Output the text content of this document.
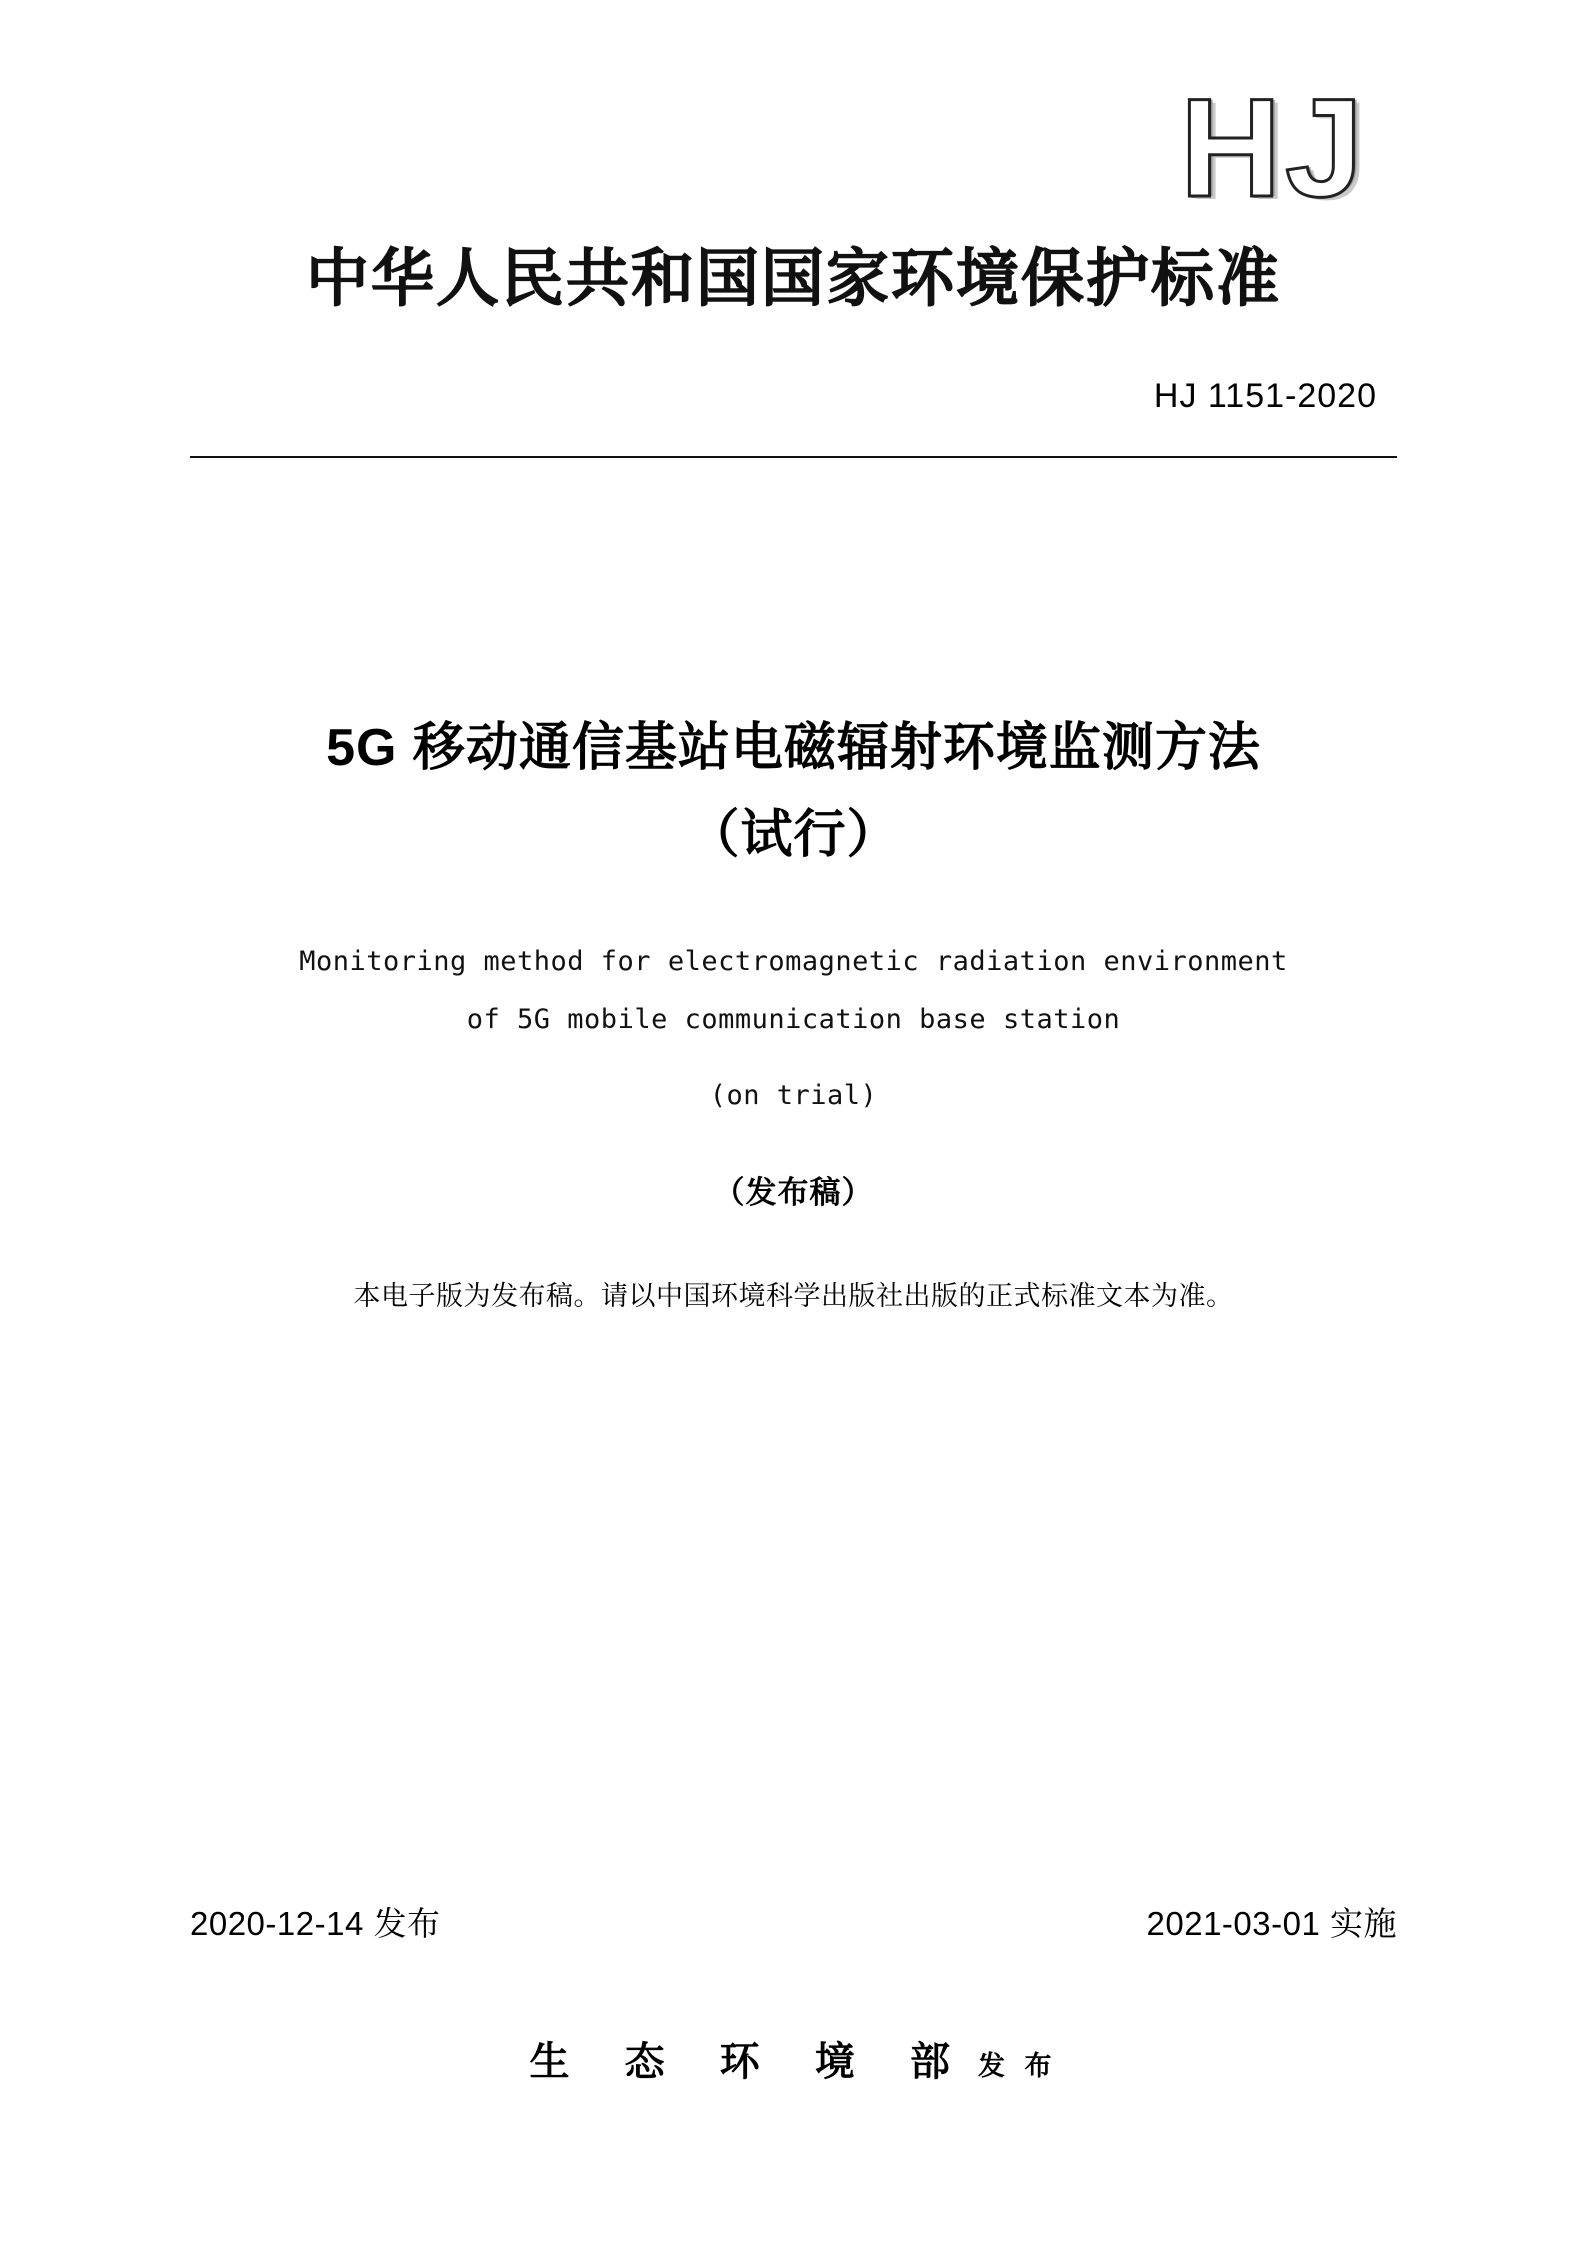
HJ
中华人民共和国国家环境保护标准
HJ 1151-2020
5G 移动通信基站电磁辐射环境监测方法
（试行）
Monitoring method for electromagnetic radiation environment
of 5G mobile communication base station
(on trial)
（发布稿）
本电子版为发布稿。请以中国环境科学出版社出版的正式标准文本为准。
2020-12-14 发布	2021-03-01 实施
生 态 环 境 部 发 布
